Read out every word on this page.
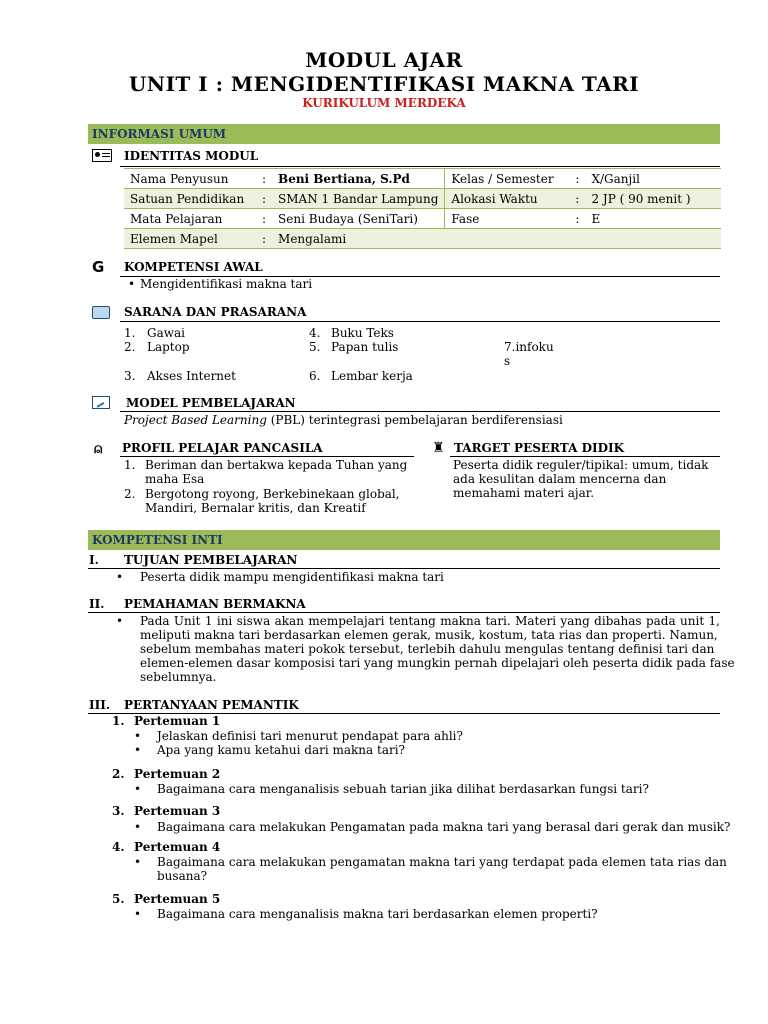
MODUL AJAR
UNIT I : MENGIDENTIFIKASI MAKNA TARI
KURIKULUM MERDEKA
INFORMASI UMUM
IDENTITAS MODUL
Nama Penyusun	:	Beni Bertiana, S.Pd	Kelas / Semester	:	X/Ganjil
Satuan Pendidikan	:	SMAN 1 Bandar Lampung	Alokasi Waktu	:	2 JP ( 90 menit )
Mata Pelajaran	:	Seni Budaya (SeniTari)	Fase	:	E
Elemen Mapel	:	Mengalami			
G	KOMPETENSI AWAL
•
Mengidentifikasi makna tari
SARANA DAN PRASARANA
1. Gawai
2. Laptop
3. Akses Internet
4. Buku Teks
5. Papan tulis
6. Lembar kerja
7.infoku
s
MODEL PEMBELAJARAN
Project Based Learning (PBL) terintegrasi pembelajaran berdiferensiasi
⍝ PROFIL PELAJAR PANCASILA
1. Beriman dan bertakwa kepada Tuhan yang
maha Esa
2. Bergotong royong, Berkebinekaan global,
Mandiri, Bernalar kritis, dan Kreatif
♜ TARGET PESERTA DIDIK
Peserta didik reguler/tipikal: umum, tidak
ada kesulitan dalam mencerna dan
memahami materi ajar.
KOMPETENSI INTI
I. TUJUAN PEMBELAJARAN
•
Peserta didik mampu mengidentifikasi makna tari
II. PEMAHAMAN BERMAKNA
•
Pada Unit 1 ini siswa akan mempelajari tentang makna tari. Materi yang dibahas pada unit 1,
meliputi makna tari berdasarkan elemen gerak, musik, kostum, tata rias dan properti. Namun,
sebelum membahas materi pokok tersebut, terlebih dahulu mengulas tentang definisi tari dan
elemen-elemen dasar komposisi tari yang mungkin pernah dipelajari oleh peserta didik pada fase
sebelumnya.
III. PERTANYAAN PEMANTIK
1. Pertemuan 1
•
Jelaskan definisi tari menurut pendapat para ahli?
•
Apa yang kamu ketahui dari makna tari?
2. Pertemuan 2
•
Bagaimana cara menganalisis sebuah tarian jika dilihat berdasarkan fungsi tari?
3. Pertemuan 3
•
Bagaimana cara melakukan Pengamatan pada makna tari yang berasal dari gerak dan musik?
4. Pertemuan 4
•
Bagaimana cara melakukan pengamatan makna tari yang terdapat pada elemen tata rias dan
busana?
5. Pertemuan 5
•
Bagaimana cara menganalisis makna tari berdasarkan elemen properti?
